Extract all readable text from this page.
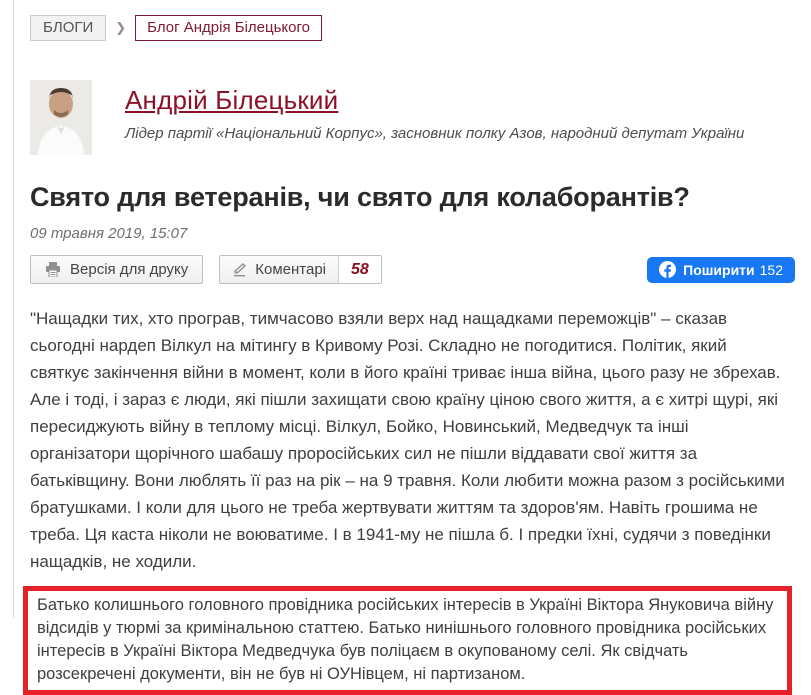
БЛОГИ	❯	Блог Андрія Білецького
Андрій Білецький
Лідер партії «Національний Корпус», засновник полку Азов, народний депутат України
Свято для ветеранів, чи свято для колаборантів?
09 травня 2019, 15:07
Версія для друку	Коментарі	58	Поширити 152

"Нащадки тих, хто програв, тимчасово взяли верх над нащадками переможців" – сказав сьогодні нардеп Вілкул на мітингу в Кривому Розі. Складно не погодитися. Політик, який святкує закінчення війни в момент, коли в його країні триває інша війна, цього разу не збрехав. Але і тоді, і зараз є люди, які пішли захищати свою країну ціною свого життя, а є хитрі щурі, які пересиджують війну в теплому місці. Вілкул, Бойко, Новинський, Медведчук та інші організатори щорічного шабашу проросійських сил не пішли віддавати свої життя за батьківщину. Вони люблять її раз на рік – на 9 травня. Коли любити можна разом з російськими братушками. І коли для цього не треба жертвувати життям та здоров'ям. Навіть грошима не треба. Ця каста ніколи не воюватиме. І в 1941-му не пішла б. І предки їхні, судячи з поведінки нащадків, не ходили.

Батько колишнього головного провідника російських інтересів в Україні Віктора Януковича війну відсидів у тюрмі за кримінальною статтею. Батько нинішнього головного провідника російських інтересів в Україні Віктора Медведчука був поліцаєм в окупованому селі. Як свідчать розсекречені документи, він не був ні ОУНівцем, ні партизаном.
